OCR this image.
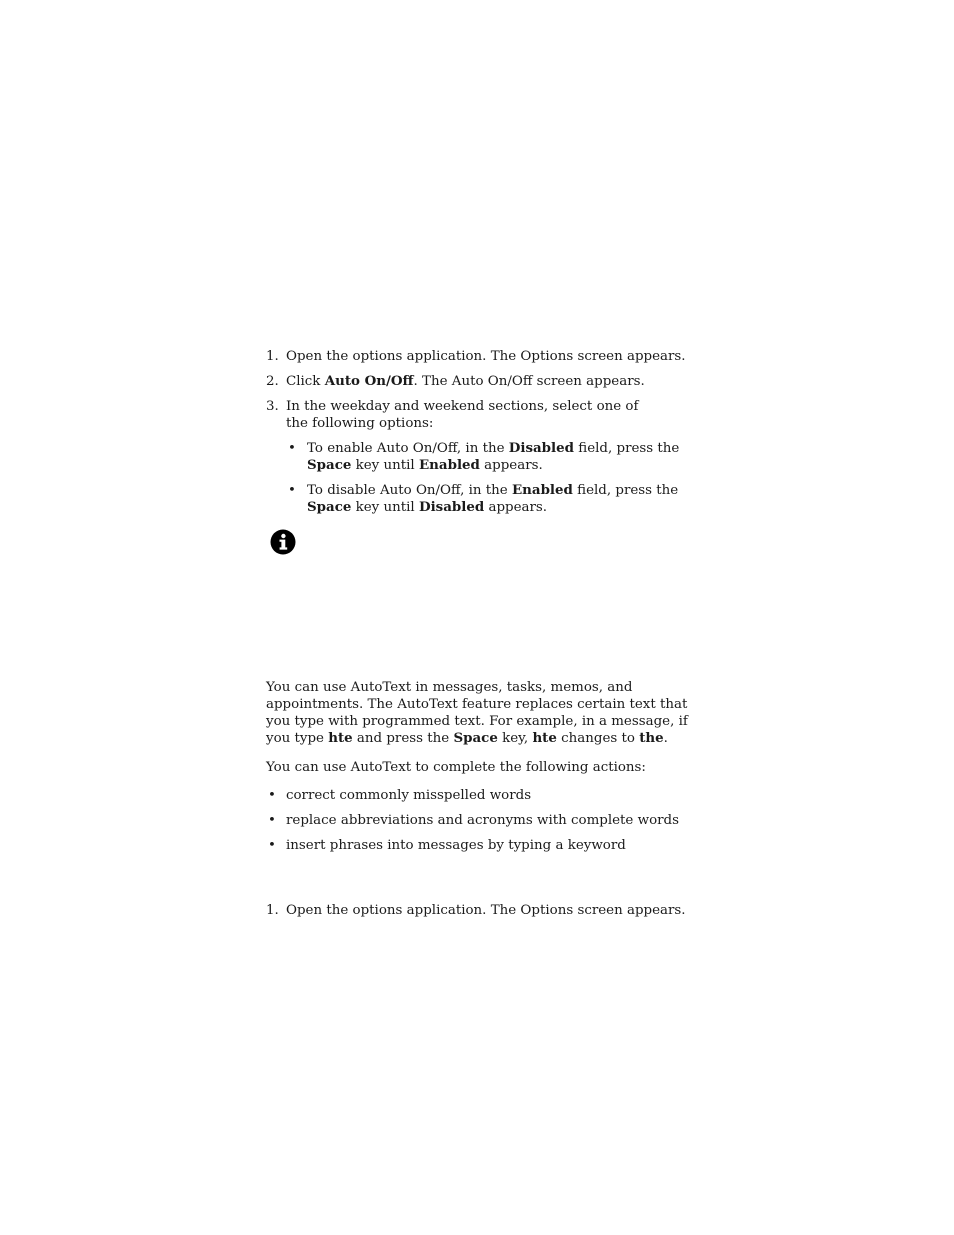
1. Open the options application. The Options screen appears.
2. Click Auto On/Off. The Auto On/Off screen appears.
3. In the weekday and weekend sections, select one of the following options:
• To enable Auto On/Off, in the Disabled field, press the Space key until Enabled appears.
• To disable Auto On/Off, in the Enabled field, press the Space key until Disabled appears.

You can use AutoText in messages, tasks, memos, and appointments. The AutoText feature replaces certain text that you type with programmed text. For example, in a message, if you type hte and press the Space key, hte changes to the.

You can use AutoText to complete the following actions:

• correct commonly misspelled words
• replace abbreviations and acronyms with complete words
• insert phrases into messages by typing a keyword
1. Open the options application. The Options screen appears.
